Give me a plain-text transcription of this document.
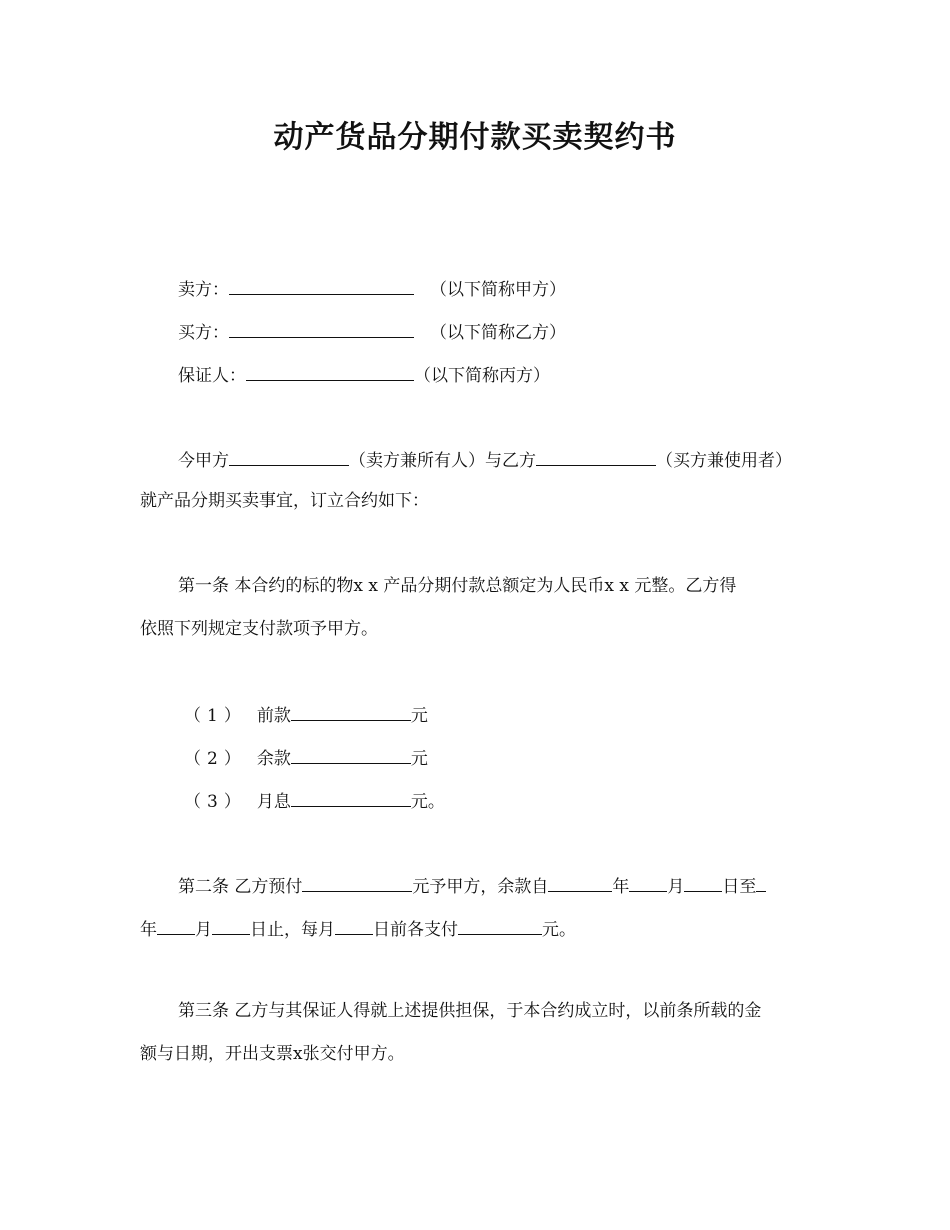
动产货品分期付款买卖契约书
卖方：	（以下简称甲方）
买方：	（以下简称乙方）
保证人：	（以下简称丙方）
今甲方	（卖方兼所有人）与乙方	（买方兼使用者）
就产品分期买卖事宜，订立合约如下：
第一条 本合约的标的物x x 产品分期付款总额定为人民币x x 元整。乙方得
依照下列规定支付款项予甲方。
（1） 前款	元
（2） 余款	元
（3） 月息	元。
第二条 乙方预付	元予甲方，余款自	年 月 日至
年 月 日止，每月 日前各支付	元。
第三条 乙方与其保证人得就上述提供担保，于本合约成立时，以前条所载的金
额与日期，开出支票x张交付甲方。
